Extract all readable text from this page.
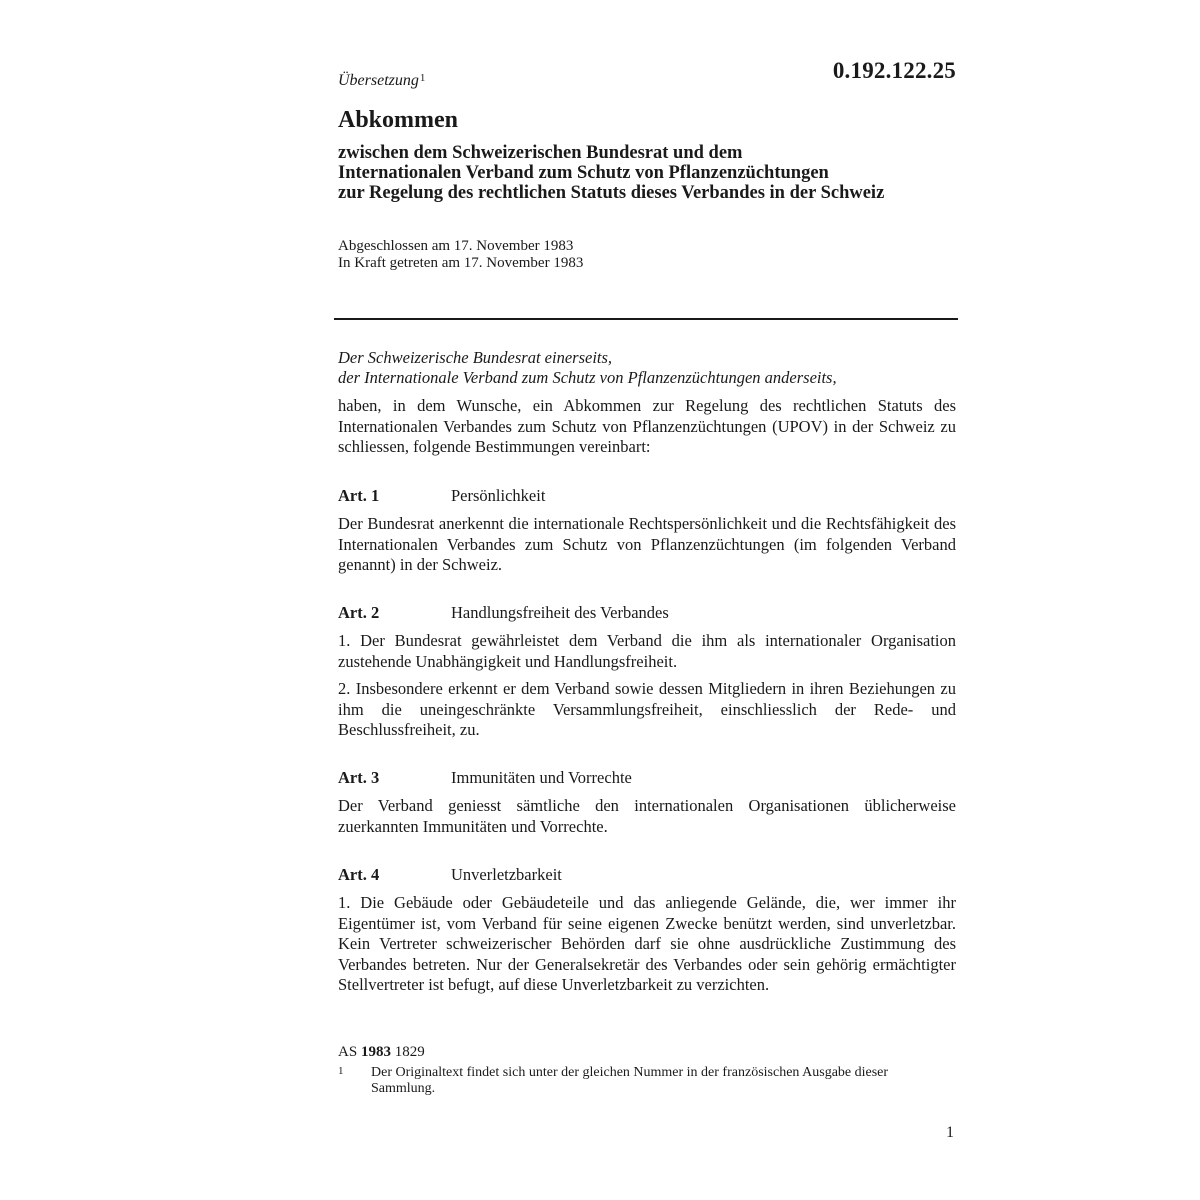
0.192.122.25
Übersetzung$^1$
Abkommen
zwischen dem Schweizerischen Bundesrat und dem
Internationalen Verband zum Schutz von Pflanzenzüchtungen
zur Regelung des rechtlichen Statuts dieses Verbandes in der Schweiz
Abgeschlossen am 17. November 1983
In Kraft getreten am 17. November 1983
Der Schweizerische Bundesrat einerseits,
der Internationale Verband zum Schutz von Pflanzenzüchtungen anderseits,

haben, in dem Wunsche, ein Abkommen zur Regelung des rechtlichen Statuts des Internationalen Verbandes zum Schutz von Pflanzenzüchtungen (UPOV) in der Schweiz zu schliessen, folgende Bestimmungen vereinbart:

Art. 1	Persönlichkeit

Der Bundesrat anerkennt die internationale Rechtspersönlichkeit und die Rechtsfähigkeit des Internationalen Verbandes zum Schutz von Pflanzenzüchtungen (im folgenden Verband genannt) in der Schweiz.

Art. 2	Handlungsfreiheit des Verbandes

1. Der Bundesrat gewährleistet dem Verband die ihm als internationaler Organisation zustehende Unabhängigkeit und Handlungsfreiheit.

2. Insbesondere erkennt er dem Verband sowie dessen Mitgliedern in ihren Beziehungen zu ihm die uneingeschränkte Versammlungsfreiheit, einschliesslich der Rede- und Beschlussfreiheit, zu.

Art. 3	Immunitäten und Vorrechte

Der Verband geniesst sämtliche den internationalen Organisationen üblicherweise zuerkannten Immunitäten und Vorrechte.

Art. 4	Unverletzbarkeit

1. Die Gebäude oder Gebäudeteile und das anliegende Gelände, die, wer immer ihr Eigentümer ist, vom Verband für seine eigenen Zwecke benützt werden, sind unverletzbar. Kein Vertreter schweizerischer Behörden darf sie ohne ausdrückliche Zustimmung des Verbandes betreten. Nur der Generalsekretär des Verbandes oder sein gehörig ermächtigter Stellvertreter ist befugt, auf diese Unverletzbarkeit zu verzichten.

AS 1983 1829
1 Der Originaltext findet sich unter der gleichen Nummer in der französischen Ausgabe dieser Sammlung.
1
